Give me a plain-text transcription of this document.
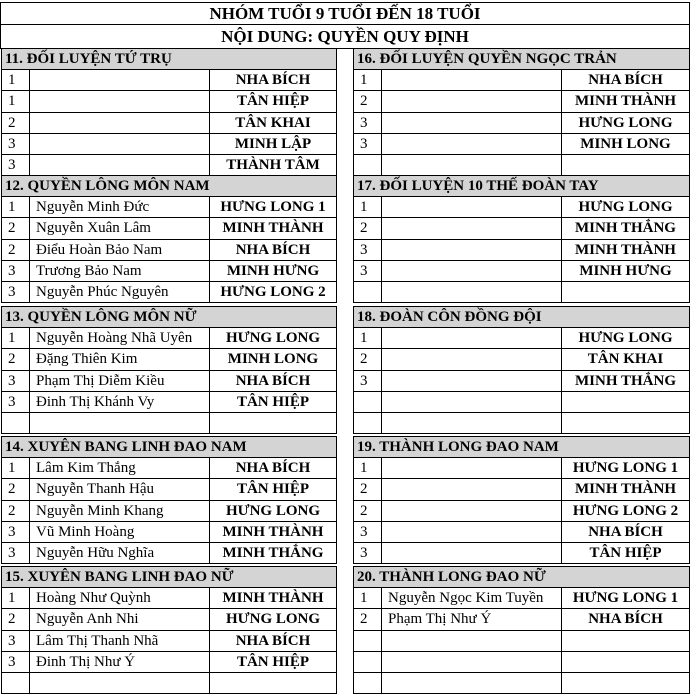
NHÓM TUỔI 9 TUỔI ĐẾN 18 TUỔI
NỘI DUNG: QUYỀN QUY ĐỊNH
11. ĐỐI LUYỆN TỨ TRỤ		
1		NHA BÍCH
1		TÂN HIỆP
2		TÂN KHAI
3		MINH LẬP
3		THÀNH TÂM
12. QUYỀN LÔNG MÔN NAM		
1	Nguyễn Minh Đức	HƯNG LONG 1
2	Nguyễn Xuân Lâm	MINH THÀNH
2	Điểu Hoàn Bảo Nam	NHA BÍCH
3	Trương Bảo Nam	MINH HƯNG
3	Nguyễn Phúc Nguyên	HƯNG LONG 2
13. QUYỀN LÔNG MÔN NỮ		
1	Nguyễn Hoàng Nhã Uyên	HƯNG LONG
2	Đặng Thiên Kim	MINH LONG
3	Phạm Thị Diễm Kiều	NHA BÍCH
3	Đinh Thị Khánh Vy	TÂN HIỆP

14. XUYÊN BANG LINH ĐAO NAM		
1	Lâm Kim Thắng	NHA BÍCH
2	Nguyễn Thanh Hậu	TÂN HIỆP
2	Nguyễn Minh Khang	HƯNG LONG
3	Vũ Minh Hoàng	MINH THÀNH
3	Nguyễn Hữu Nghĩa	MINH THẮNG
15. XUYÊN BANG LINH ĐAO NỮ		
1	Hoàng Như Quỳnh	MINH THÀNH
2	Nguyễn Anh Nhi	HƯNG LONG
3	Lâm Thị Thanh Nhã	NHA BÍCH
3	Đinh Thị Như Ý	TÂN HIỆP

16. ĐỐI LUYỆN QUYỀN NGỌC TRẢN		
1		NHA BÍCH
2		MINH THÀNH
3		HƯNG LONG
3		MINH LONG

17. ĐỐI LUYỆN 10 THẾ ĐOÀN TAY		
1		HƯNG LONG
2		MINH THẮNG
3		MINH THÀNH
3		MINH HƯNG

18. ĐOÀN CÔN ĐỒNG ĐỘI		
1		HƯNG LONG
2		TÂN KHAI
3		MINH THẮNG

19. THÀNH LONG ĐAO NAM		
1		HƯNG LONG 1
2		MINH THÀNH
2		HƯNG LONG 2
3		NHA BÍCH
3		TÂN HIỆP
20. THÀNH LONG ĐAO NỮ		
1	Nguyễn Ngọc Kim Tuyền	HƯNG LONG 1
2	Phạm Thị Như Ý	NHA BÍCH
